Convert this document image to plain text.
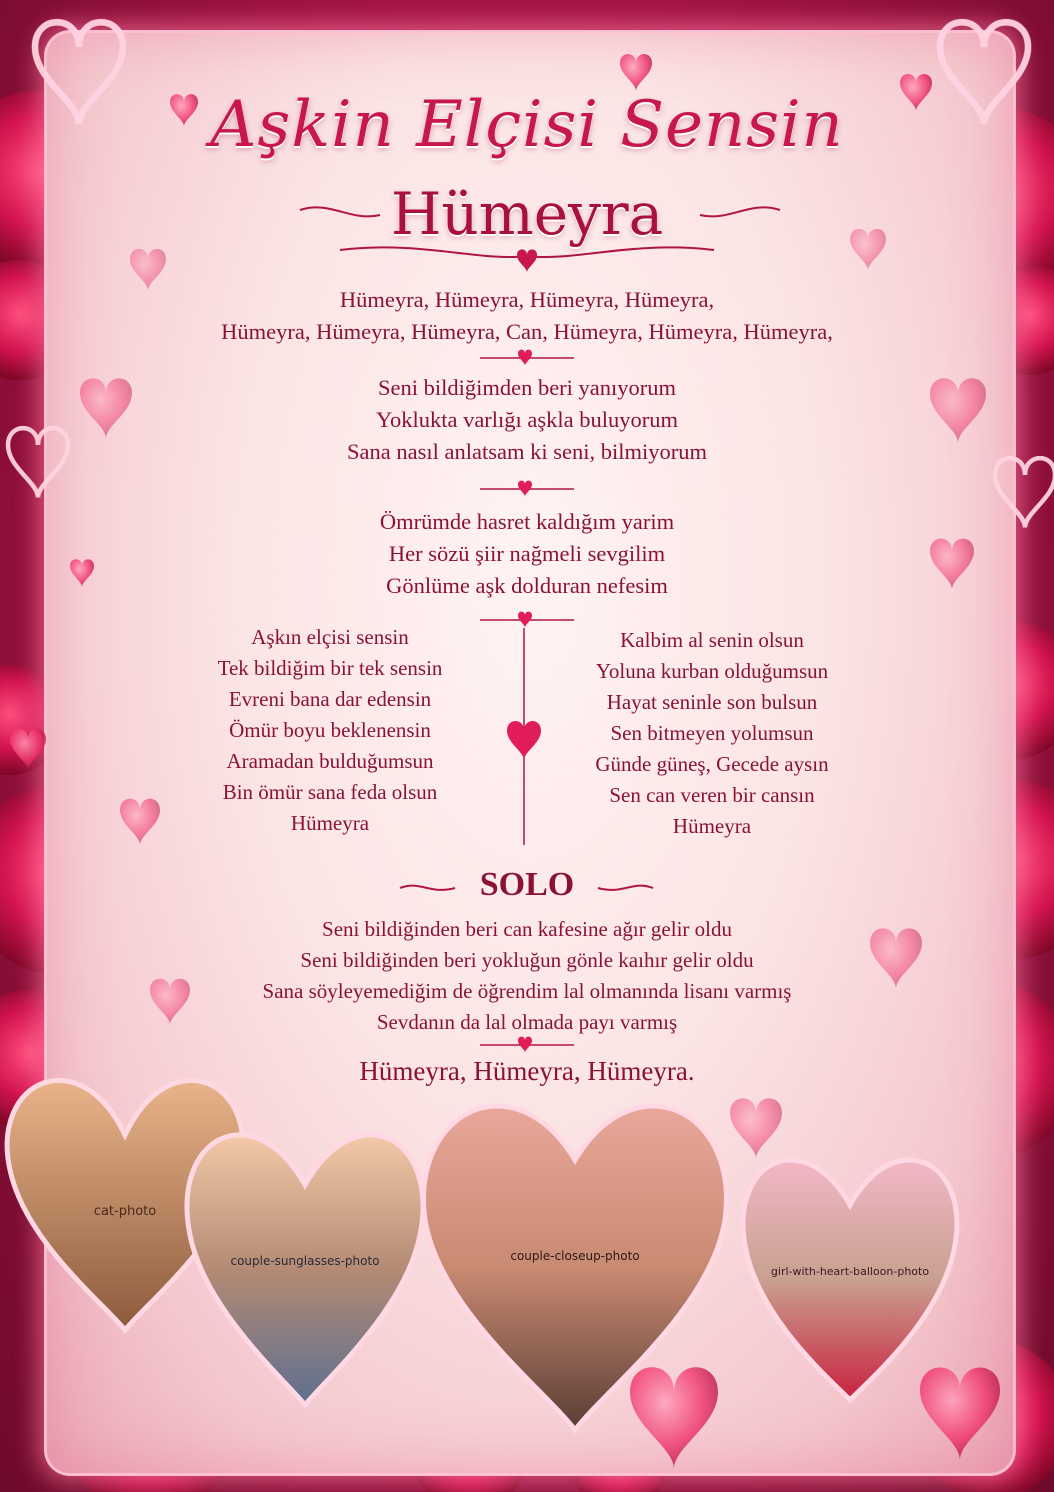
Aşkin Elçisi Sensin
Hümeyra
Hümeyra, Hümeyra, Hümeyra, Hümeyra,
Hümeyra, Hümeyra, Hümeyra, Can, Hümeyra, Hümeyra, Hümeyra,
Seni bildiğimden beri yanıyorum
Yoklukta varlığı aşkla buluyorum
Sana nasıl anlatsam ki seni, bilmiyorum
Ömrümde hasret kaldığım yarim
Her sözü şiir nağmeli sevgilim
Gönlüme aşk dolduran nefesim
Aşkın elçisi sensin
Tek bildiğim bir tek sensin
Evreni bana dar edensin
Ömür boyu beklenensin
Aramadan bulduğumsun
Bin ömür sana feda olsun
Hümeyra
Kalbim al senin olsun
Yoluna kurban olduğumsun
Hayat seninle son bulsun
Sen bitmeyen yolumsun
Günde güneş, Gecede aysın
Sen can veren bir cansın
Hümeyra
SOLO
Seni bildiğinden beri can kafesine ağır gelir oldu
Seni bildiğinden beri yokluğun gönle kaıhır gelir oldu
Sana söyleyemediğim de öğrendim lal olmanında lisanı varmış
Sevdanın da lal olmada payı varmış
Hümeyra, Hümeyra, Hümeyra.
cat-photo
couple-sunglasses-photo	couple-closeup-photo
girl-with-heart-balloon-photo
